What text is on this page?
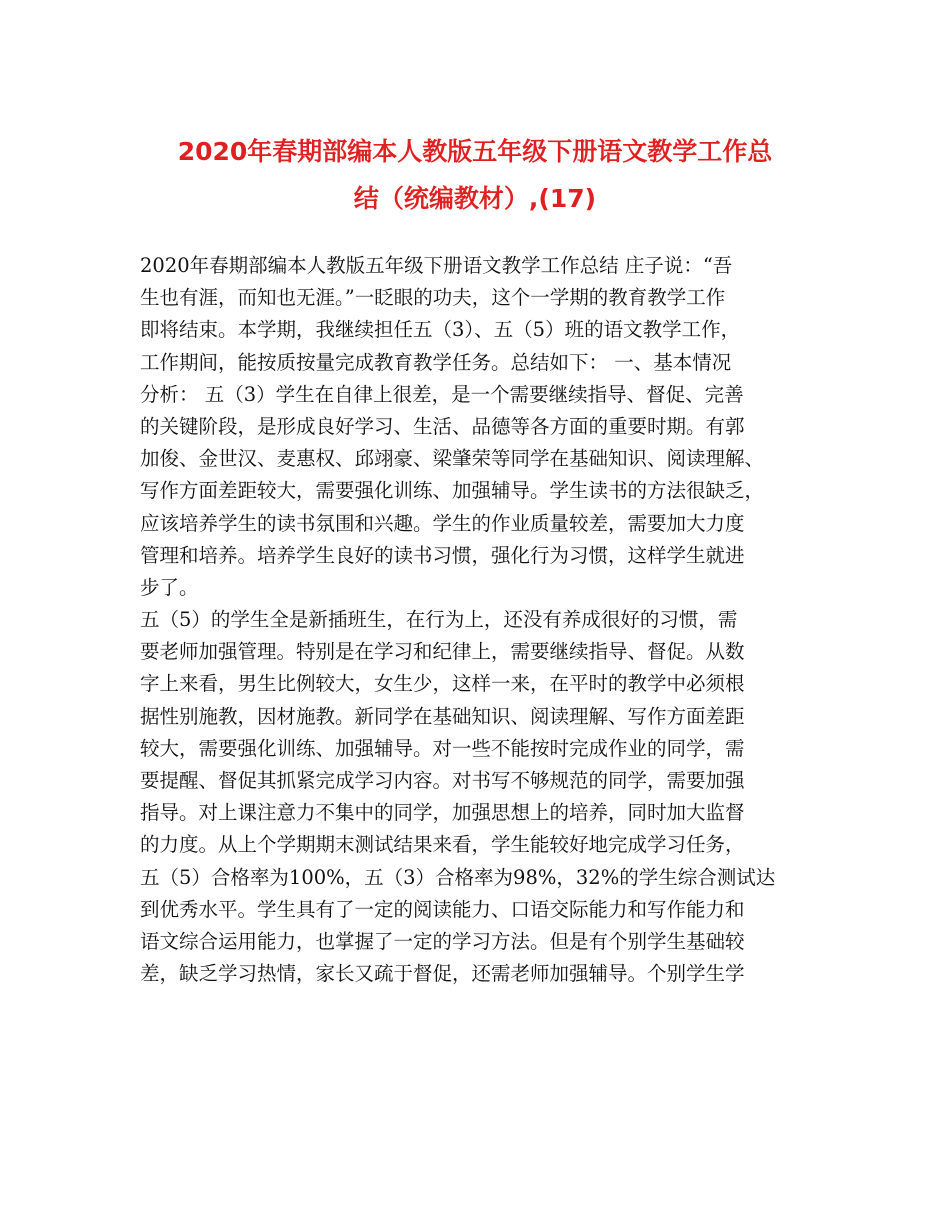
2020年春期部编本人教版五年级下册语文教学工作总
结（统编教材）,(17)
2020年春期部编本人教版五年级下册语文教学工作总结 庄子说：“吾
生也有涯，而知也无涯。”一眨眼的功夫，这个一学期的教育教学工作
即将结束。本学期，我继续担任五（3）、五（5）班的语文教学工作，
工作期间，能按质按量完成教育教学任务。总结如下： 一、基本情况
分析： 五（3）学生在自律上很差，是一个需要继续指导、督促、完善
的关键阶段，是形成良好学习、生活、品德等各方面的重要时期。有郭
加俊、金世汉、麦惠权、邱翊豪、梁肇荣等同学在基础知识、阅读理解、
写作方面差距较大，需要强化训练、加强辅导。学生读书的方法很缺乏，
应该培养学生的读书氛围和兴趣。学生的作业质量较差，需要加大力度
管理和培养。培养学生良好的读书习惯，强化行为习惯，这样学生就进
步了。
五（5）的学生全是新插班生，在行为上，还没有养成很好的习惯，需
要老师加强管理。特别是在学习和纪律上，需要继续指导、督促。从数
字上来看，男生比例较大，女生少，这样一来，在平时的教学中必须根
据性别施教，因材施教。新同学在基础知识、阅读理解、写作方面差距
较大，需要强化训练、加强辅导。对一些不能按时完成作业的同学，需
要提醒、督促其抓紧完成学习内容。对书写不够规范的同学，需要加强
指导。对上课注意力不集中的同学，加强思想上的培养，同时加大监督
的力度。从上个学期期末测试结果来看，学生能较好地完成学习任务，
五（5）合格率为100%，五（3）合格率为98%，32%的学生综合测试达
到优秀水平。学生具有了一定的阅读能力、口语交际能力和写作能力和
语文综合运用能力，也掌握了一定的学习方法。但是有个别学生基础较
差，缺乏学习热情，家长又疏于督促，还需老师加强辅导。个别学生学
